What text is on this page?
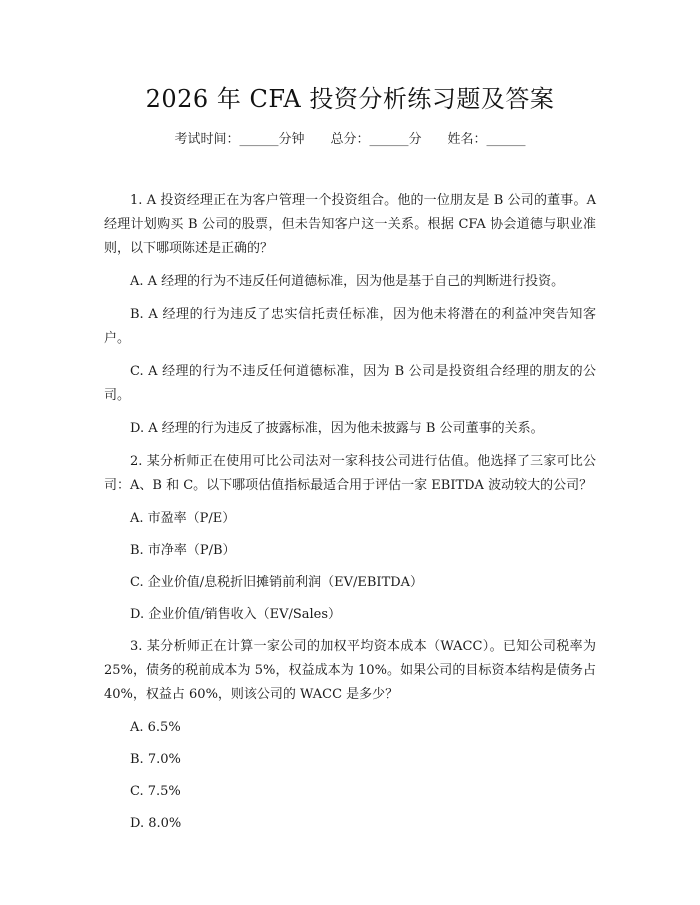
2026 年 CFA 投资分析练习题及答案
考试时间：______分钟 总分：______分 姓名：______

1. A 投资经理正在为客户管理一个投资组合。他的一位朋友是 B 公司的董事。A 经理计划购买 B 公司的股票，但未告知客户这一关系。根据 CFA 协会道德与职业准则，以下哪项陈述是正确的？

A. A 经理的行为不违反任何道德标准，因为他是基于自己的判断进行投资。

B. A 经理的行为违反了忠实信托责任标准，因为他未将潜在的利益冲突告知客户。

C. A 经理的行为不违反任何道德标准，因为 B 公司是投资组合经理的朋友的公司。

D. A 经理的行为违反了披露标准，因为他未披露与 B 公司董事的关系。

2. 某分析师正在使用可比公司法对一家科技公司进行估值。他选择了三家可比公司：A、B 和 C。以下哪项估值指标最适合用于评估一家 EBITDA 波动较大的公司？

A. 市盈率（P/E）

B. 市净率（P/B）

C. 企业价值/息税折旧摊销前利润（EV/EBITDA）

D. 企业价值/销售收入（EV/Sales）

3. 某分析师正在计算一家公司的加权平均资本成本（WACC）。已知公司税率为 25%，债务的税前成本为 5%，权益成本为 10%。如果公司的目标资本结构是债务占 40%，权益占 60%，则该公司的 WACC 是多少？

A. 6.5%

B. 7.0%

C. 7.5%

D. 8.0%
